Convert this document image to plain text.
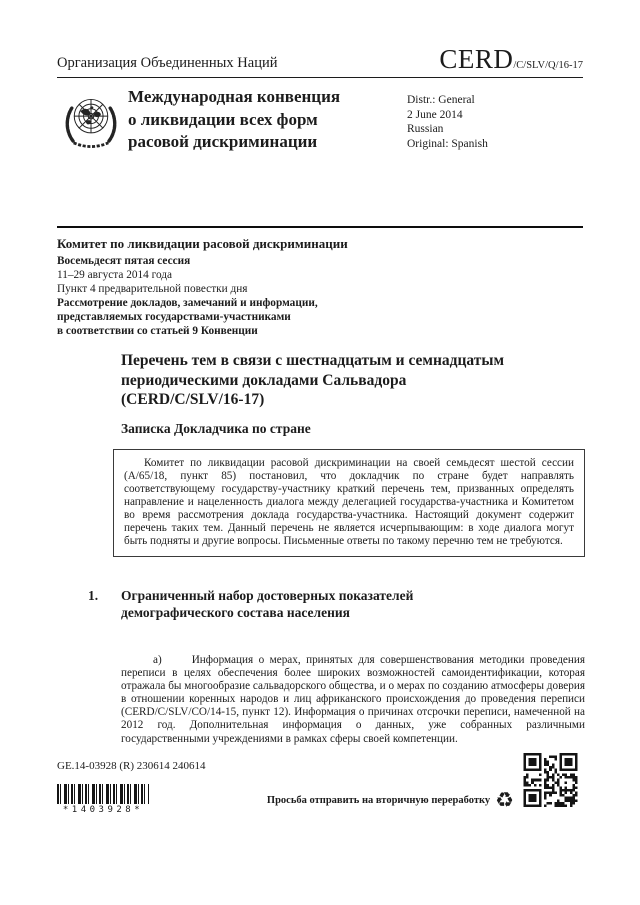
Организация Объединенных Наций	CERD /C/SLV/Q/16-17
Международная конвенция
о ликвидации всех форм
расовой дискриминации
Distr.: General
2 June 2014
Russian
Original: Spanish
Комитет по ликвидации расовой дискриминации
Восемьдесят пятая сессия
11–29 августа 2014 года
Пункт 4 предварительной повестки дня
Рассмотрение докладов, замечаний и информации,
представляемых государствами-участниками
в соответствии со статьей 9 Конвенции
Перечень тем в связи с шестнадцатым и семнадцатым
периодическими докладами Сальвадора
(CERD/C/SLV/16-17)
Записка Докладчика по стране

Комитет по ликвидации расовой дискриминации на своей семьдесят шестой сессии (A/65/18, пункт 85) постановил, что докладчик по стране будет направлять соответствующему государству-участнику краткий перечень тем, призванных определять направление и нацеленность диалога между делегацией государства-участника и Комитетом во время рассмотрения доклада государства-участника. Настоящий документ содержит перечень таких тем. Данный перечень не является исчерпывающим: в ходе диалога могут быть подняты и другие вопросы. Письменные ответы по такому перечню тем не требуются.

1. Ограниченный набор достоверных показателей
демографического состава населения

а)	Информация о мерах, принятых для совершенствования методики проведения переписи в целях обеспечения более широких возможностей самоидентификации, которая отражала бы многообразие сальвадорского общества, и о мерах по созданию атмосферы доверия в отношении коренных народов и лиц африканского происхождения до проведения переписи (CERD/C/SLV/CO/14-15, пункт 12). Информация о причинах отсрочки переписи, намеченной на 2012 год. Дополнительная информация о данных, уже собранных различными государственными учреждениями в рамках сферы своей компетенции.

GE.14-03928 (R) 230614 240614
*1403928*
Просьба отправить на вторичную переработку ♻
